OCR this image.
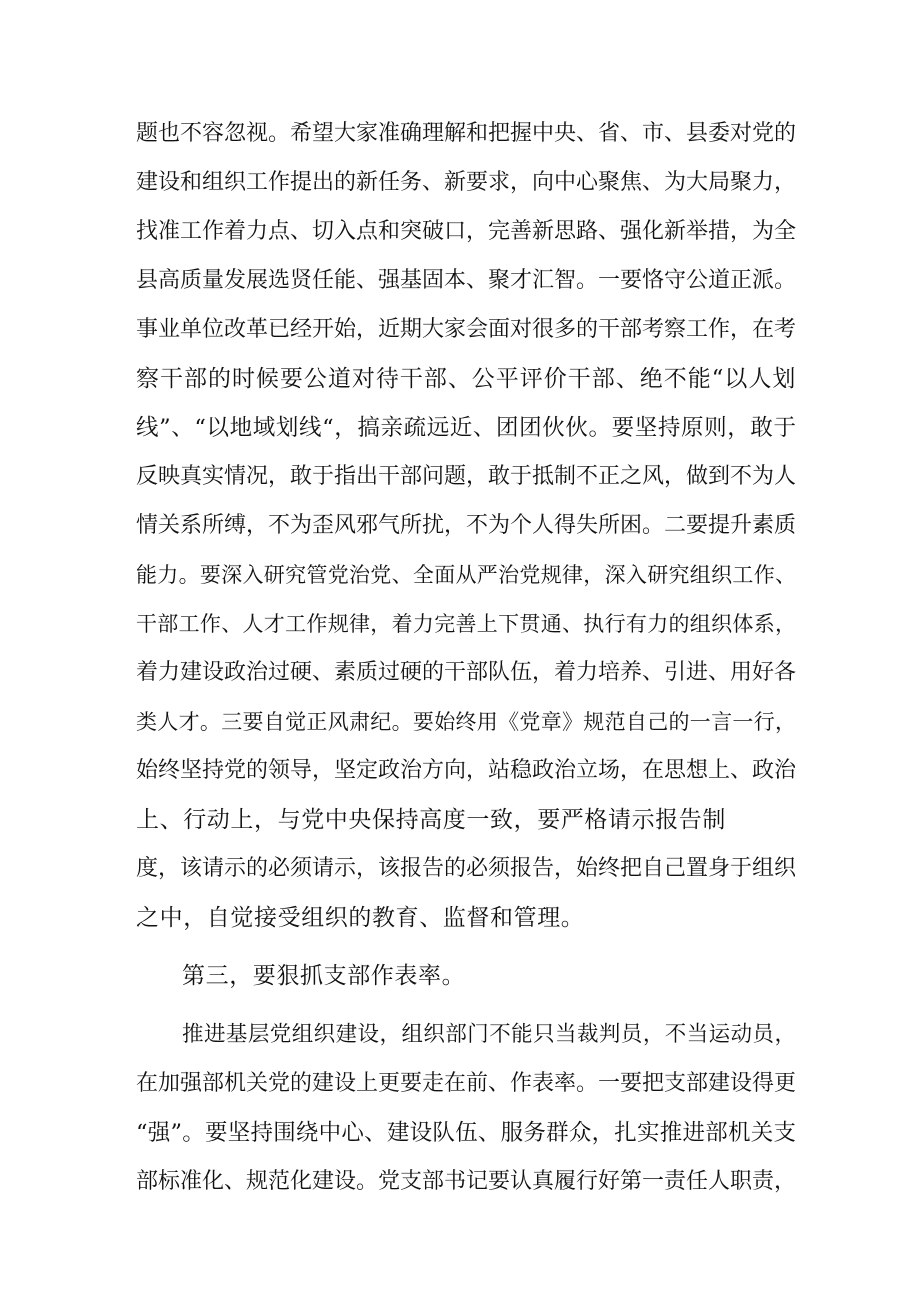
题也不容忽视。希望大家准确理解和把握中央、省、市、县委对党的
建设和组织工作提出的新任务、新要求，向中心聚焦、为大局聚力，
找准工作着力点、切入点和突破口，完善新思路、强化新举措，为全
县高质量发展选贤任能、强基固本、聚才汇智。一要恪守公道正派。
事业单位改革已经开始，近期大家会面对很多的干部考察工作，在考
察干部的时候要公道对待干部、公平评价干部、绝不能“以人划
线”、“以地域划线“，搞亲疏远近、团团伙伙。要坚持原则，敢于
反映真实情况，敢于指出干部问题，敢于抵制不正之风，做到不为人
情关系所缚，不为歪风邪气所扰，不为个人得失所困。二要提升素质
能力。要深入研究管党治党、全面从严治党规律，深入研究组织工作、
干部工作、人才工作规律，着力完善上下贯通、执行有力的组织体系，
着力建设政治过硬、素质过硬的干部队伍，着力培养、引进、用好各
类人才。三要自觉正风肃纪。要始终用《党章》规范自己的一言一行，
始终坚持党的领导，坚定政治方向，站稳政治立场，在思想上、政治
上、行动上，与党中央保持高度一致，要严格请示报告制
度，该请示的必须请示，该报告的必须报告，始终把自己置身于组织
之中，自觉接受组织的教育、监督和管理。
第三，要狠抓支部作表率。
推进基层党组织建设，组织部门不能只当裁判员，不当运动员，
在加强部机关党的建设上更要走在前、作表率。一要把支部建设得更
“强”。要坚持围绕中心、建设队伍、服务群众，扎实推进部机关支
部标准化、规范化建设。党支部书记要认真履行好第一责任人职责，
